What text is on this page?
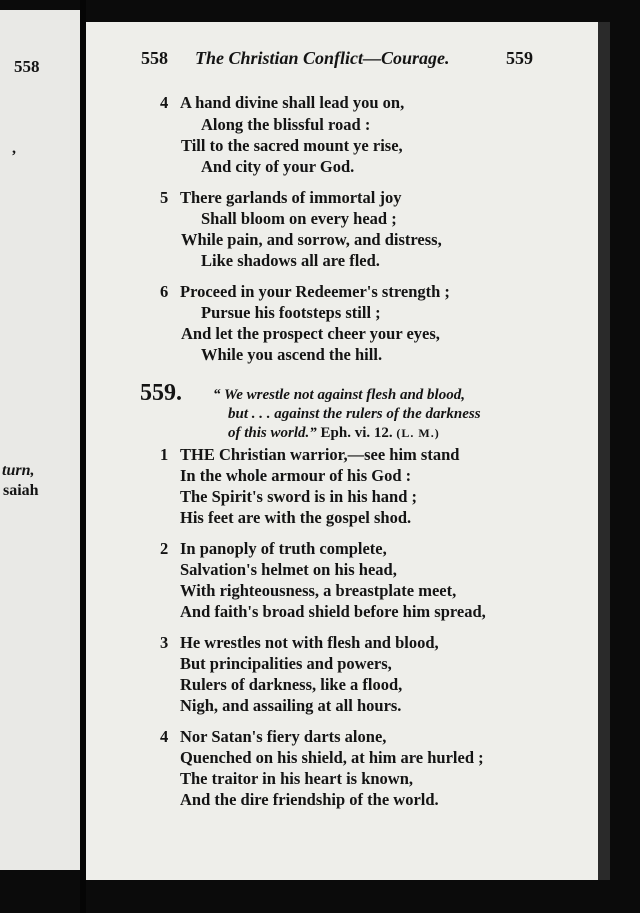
558
,
turn,
saiah
558 The Christian Conflict—Courage.	559
4 A hand divine shall lead you on,
Along the blissful road :
Till to the sacred mount ye rise,
And city of your God.
5 There garlands of immortal joy
Shall bloom on every head ;
While pain, and sorrow, and distress,
Like shadows all are fled.
6 Proceed in your Redeemer's strength ;
Pursue his footsteps still ;
And let the prospect cheer your eyes,
While you ascend the hill.
559. “ We wrestle not against flesh and blood,
but . . . against the rulers of the darkness
of this world.” Eph. vi. 12. (L. M.)
1 THE Christian warrior,—see him stand
In the whole armour of his God :
The Spirit's sword is in his hand ;
His feet are with the gospel shod.
2 In panoply of truth complete,
Salvation's helmet on his head,
With righteousness, a breastplate meet,
And faith's broad shield before him spread,
3 He wrestles not with flesh and blood,
But principalities and powers,
Rulers of darkness, like a flood,
Nigh, and assailing at all hours.
4 Nor Satan's fiery darts alone,
Quenched on his shield, at him are hurled ;
The traitor in his heart is known,
And the dire friendship of the world.
